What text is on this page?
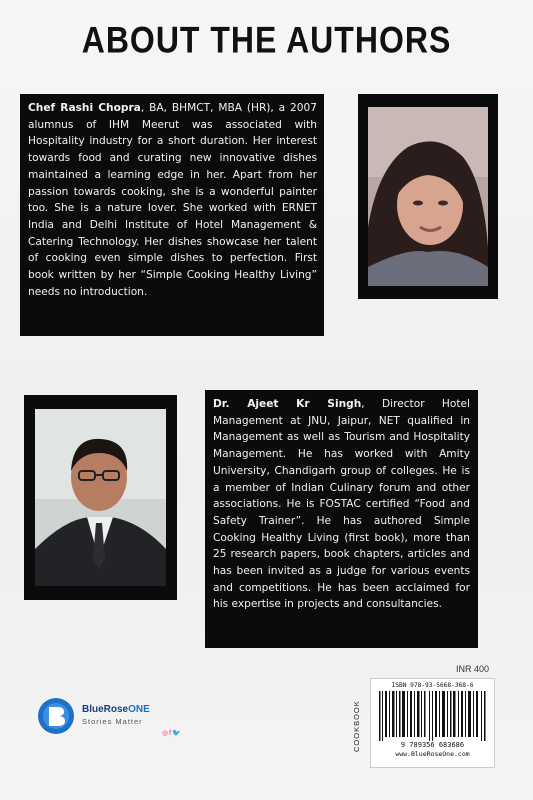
ABOUT THE AUTHORS
Chef Rashi Chopra, BA, BHMCT, MBA (HR), a 2007 alumnus of IHM Meerut was associated with Hospitality industry for a short duration. Her interest towards food and curating new innovative dishes maintained a learning edge in her. Apart from her passion towards cooking, she is a wonderful painter too. She is a nature lover. She worked with ERNET India and Delhi Institute of Hotel Management & Catering Technology. Her dishes showcase her talent of cooking even simple dishes to perfection. First book written by her “Simple Cooking Healthy Living” needs no introduction.
Dr. Ajeet Kr Singh, Director Hotel Management at JNU, Jaipur, NET qualified in Management as well as Tourism and Hospitality Management. He has worked with Amity University, Chandigarh group of colleges. He is a member of Indian Culinary forum and other associations. He is FOSTAC certified “Food and Safety Trainer”. He has authored Simple Cooking Healthy Living (first book), more than 25 research papers, book chapters, articles and has been invited as a judge for various events and competitions. He has been acclaimed for his expertise in projects and consultancies.
BlueRoseONE
Stories Matter
◎f🐦
INR 400
COOKBOOK
ISBN 978-93-5668-368-6
9 789356 683686
www.BlueRoseOne.com
